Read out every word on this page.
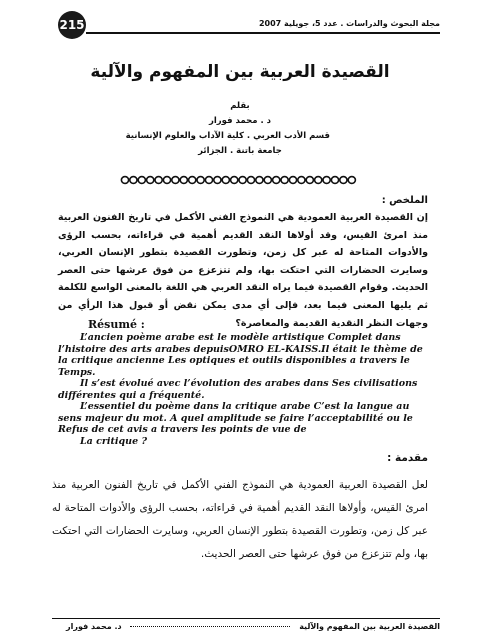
215	مجلة البحوث والدراسات . عدد 5، جويلية 2007
القصيدة العربية بين المفهوم والآلية
بقلم
د . محمد فورار
قسم الأدب العربي . كلية الآداب والعلوم الإنسانية
جامعة باتنة . الجزائر
الملخص :

إن القصيدة العربية العمودية هي النموذج الفني الأكمل في تاريخ الفنون العربية منذ امرئ القيس، وقد أولاها النقد القديم أهمية في قراءاته، بحسب الرؤى والأدوات المتاحة له عبر كل زمن، وتطورت القصيدة بتطور الإنسان العربي، وسايرت الحضارات التي احتكت بها، ولم تتزعزع من فوق عرشها حتى العصر الحديث. وقوام القصيدة فيما يراه النقد العربي هي اللغة بالمعنى الواسع للكلمة ثم يليها المعنى فيما بعد، فإلى أي مدى يمكن نقض أو قبول هذا الرأي من وجهات النظر النقدية القديمة والمعاصرة؟

Résumé :

L’ancien poème arabe est le modèle artistique Complet dans l’histoire des arts arabes depuisOMRO EL-KAISS.Il était le thème de la critique ancienne Les optiques et outils disponibles a travers le Temps.

Il s’est évolué avec l’évolution des arabes dans Ses civilisations différentes qui a fréquenté.

L’essentiel du poème dans la critique arabe C’est la langue au sens majeur du mot. A quel amplitude se faire l’acceptabilité ou le Refus de cet avis a travers les points de vue de

La critique ?

مقدمة :

لعل القصيدة العربية العمودية هي النموذج الفني الأكمل في تاريخ الفنون العربية منذ امرئ القيس، وأولاها النقد القديم أهمية في قراءاته، بحسب الرؤى والأدوات المتاحة له عبر كل زمن، وتطورت القصيدة بتطور الإنسان العربي، وسايرت الحضارات التي احتكت بها، ولم تتزعزع من فوق عرشها حتى العصر الحديث.

القصيدة العربية بين المفهوم والآلية  د. محمد فورار
